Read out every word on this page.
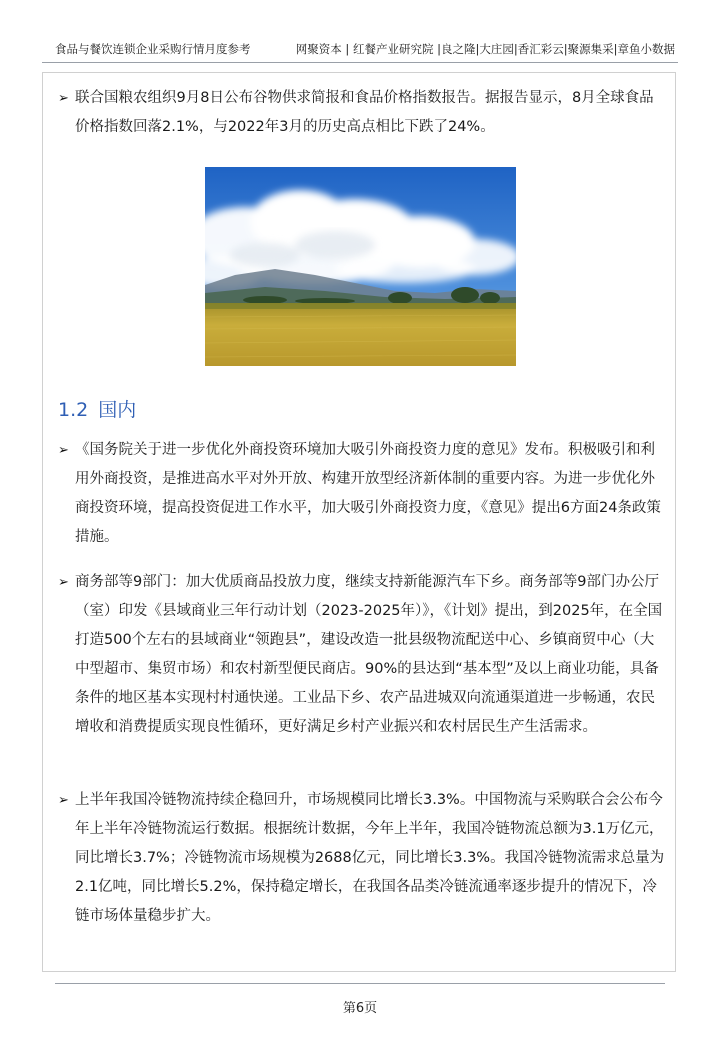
食品与餐饮连锁企业采购行情月度参考	网聚资本 | 红餐产业研究院 |良之隆|大庄园|香汇彩云|聚源集采|章鱼小数据
➢ 联合国粮农组织9月8日公布谷物供求简报和食品价格指数报告。据报告显示，8月全球食品价格指数回落2.1%，与2022年3月的历史高点相比下跌了24%。
1.2 国内
➢ 《国务院关于进一步优化外商投资环境加大吸引外商投资力度的意见》发布。积极吸引和利用外商投资，是推进高水平对外开放、构建开放型经济新体制的重要内容。为进一步优化外商投资环境，提高投资促进工作水平，加大吸引外商投资力度，《意见》提出6方面24条政策措施。
➢ 商务部等9部门：加大优质商品投放力度，继续支持新能源汽车下乡。商务部等9部门办公厅（室）印发《县域商业三年行动计划（2023-2025年）》，《计划》提出，到2025年，在全国打造500个左右的县域商业“领跑县”，建设改造一批县级物流配送中心、乡镇商贸中心（大中型超市、集贸市场）和农村新型便民商店。90%的县达到“基本型”及以上商业功能，具备条件的地区基本实现村村通快递。工业品下乡、农产品进城双向流通渠道进一步畅通，农民增收和消费提质实现良性循环，更好满足乡村产业振兴和农村居民生产生活需求。
➢ 上半年我国冷链物流持续企稳回升，市场规模同比增长3.3%。中国物流与采购联合会公布今年上半年冷链物流运行数据。根据统计数据，今年上半年，我国冷链物流总额为3.1万亿元，同比增长3.7%；冷链物流市场规模为2688亿元，同比增长3.3%。我国冷链物流需求总量为2.1亿吨，同比增长5.2%，保持稳定增长，在我国各品类冷链流通率逐步提升的情况下，冷链市场体量稳步扩大。
第6页
